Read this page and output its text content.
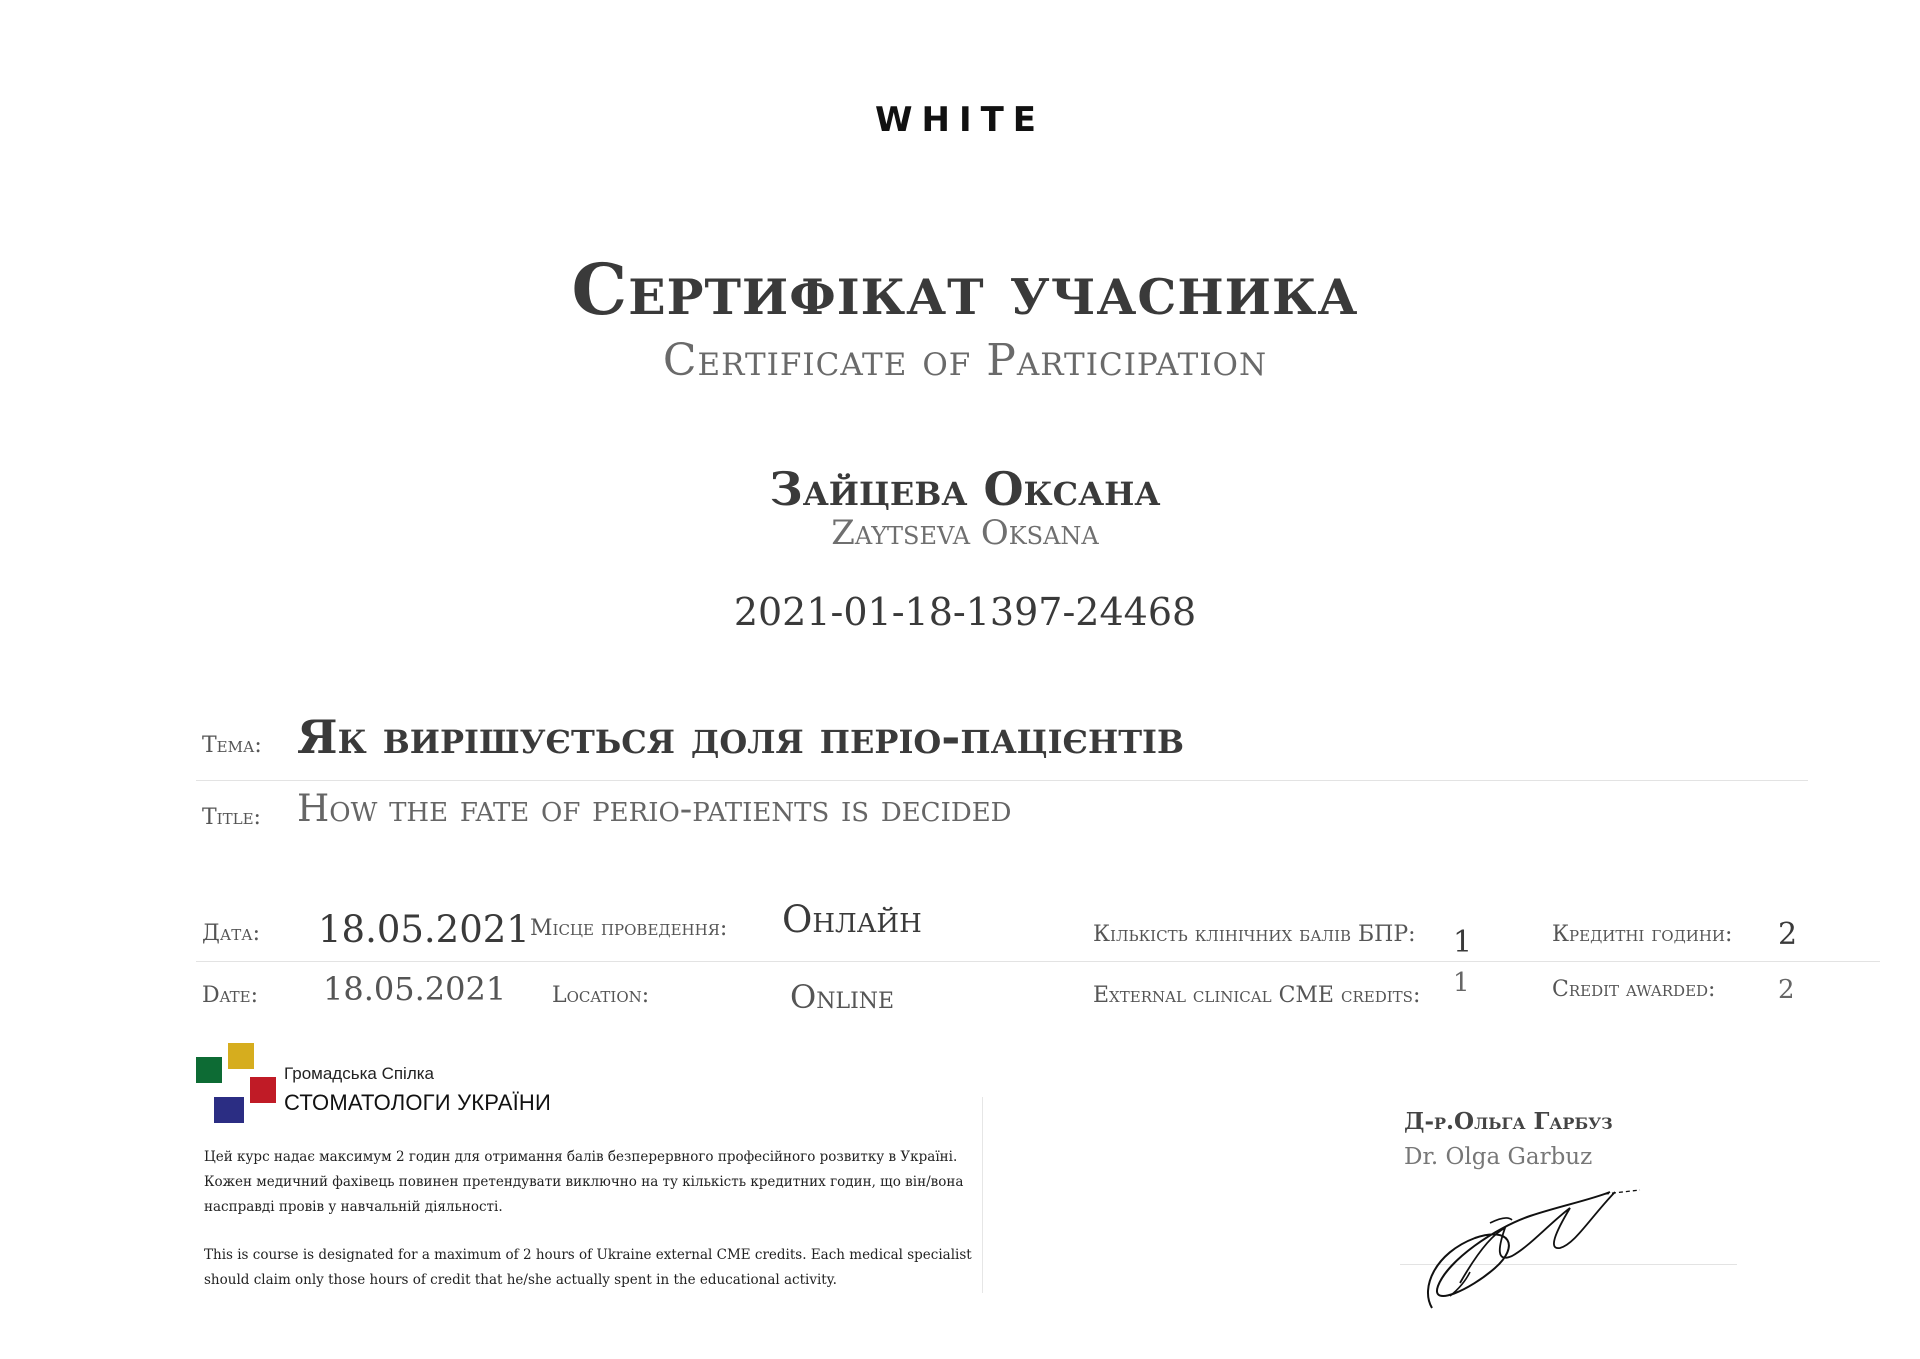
WHITE
Сертифікат учасника
Certificate of Participation
Зайцева Оксана
Zaytseva Oksana
2021-01-18-1397-24468
Тема: Як вирішується доля періо-пацієнтів
Title: How the fate of perio-patients is decided
Дата: 18.05.2021 Місце проведення: Онлайн	Кількість клінічних балів БПР: 1	Кредитні години: 2
Date: 18.05.2021 Location:	Online	External clinical CME credits: 1	Credit awarded: 2
Громадська Спілка
СТОМАТОЛОГИ УКРАЇНИ
Цей курс надає максимум 2 годин для отримання балів безперервного професійного розвитку в Україні. Кожен медичний фахівець повинен претендувати виключно на ту кількість кредитних годин, що він/вона насправді провів у навчальній діяльності.
This is course is designated for a maximum of 2 hours of Ukraine external CME credits. Each medical specialist should claim only those hours of credit that he/she actually spent in the educational activity.
Д-р.Ольга Гарбуз
Dr. Olga Garbuz
